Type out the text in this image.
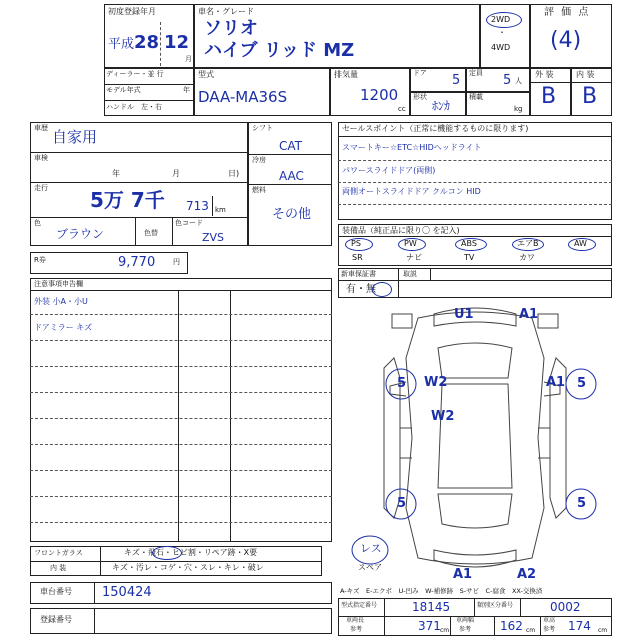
初度登録年月
平成 28 12
月
車名・グレード
ソリオ
ハイブ リッド MZ
2WD
・
4WD
評 価 点
(4)
ディーラー・並 行
モデル年式	年
ハンドル　左・右
型式
DAA-MA36S
排気量
1200
cc
ドア 5 定員 5 人
形状
ﾎﾝｶ
積載
kg
外 装	内 装
B B
車歴 自家用
車検
年	月	日)
走行 5万 7千 713 km
色
ブラウン	色替
色コード
ZVS
シフト
CAT
冷房
AAC
燃料
その他
R券	9,770	円
注意事項申告欄
外装 小A・小U
ドアミラー キズ
フロントガラス	キズ・飛石・ヒビ割・リペア跡・X要
内 装	キズ・汚レ・コゲ・穴・スレ・キレ・破レ
車台番号 150424
登録番号
セールスポイント（正常に機能するものに限ります)
スマートキー☆ETC☆HIDヘッドライト
パワースライドドア(両側)
両側オートスライドドア クルコン HID
装備品（純正品に限り〇 を記入)
PS	PW	ABS	エアB	AW
SR	ナビ	TV	カワ
新車保証書	取説
有・無
U1	A1
W2	A1
W2
A1	A2
5	5
5	5
レス
スペア
A-キズ　E-エクボ　U-凹み　W-補修跡　S-サビ　C-腐食　XX-交換済
型式指定番号	18145	類別区分番号	0002
車両長
参考	371 cm
車両幅
参考 162 cm
車高
参考 174 cm
